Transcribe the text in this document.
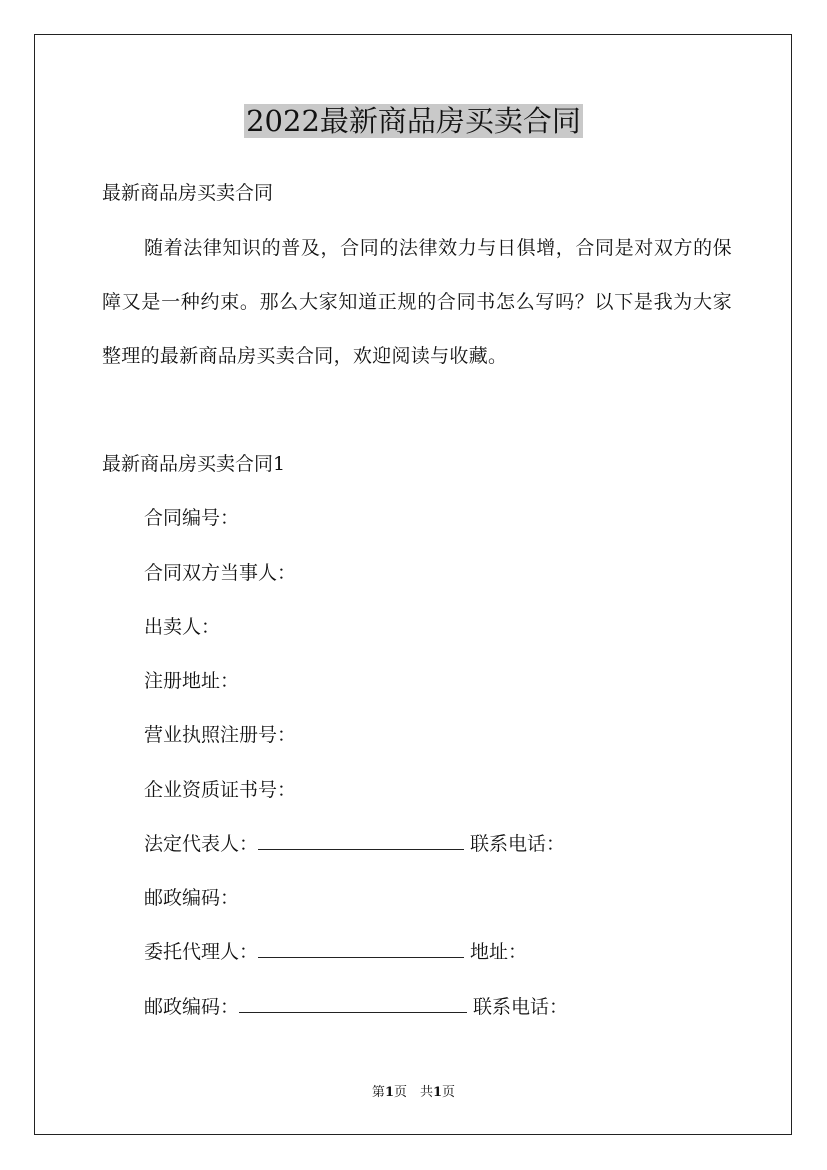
2022最新商品房买卖合同
最新商品房买卖合同
随着法律知识的普及，合同的法律效力与日俱增，合同是对双方的保障又是一种约束。那么大家知道正规的合同书怎么写吗？以下是我为大家整理的最新商品房买卖合同，欢迎阅读与收藏。
最新商品房买卖合同1
合同编号：
合同双方当事人：
出卖人：
注册地址：
营业执照注册号：
企业资质证书号：
法定代表人：	联系电话：
邮政编码：
委托代理人：	地址：
邮政编码：	联系电话：
第1页　共1页
